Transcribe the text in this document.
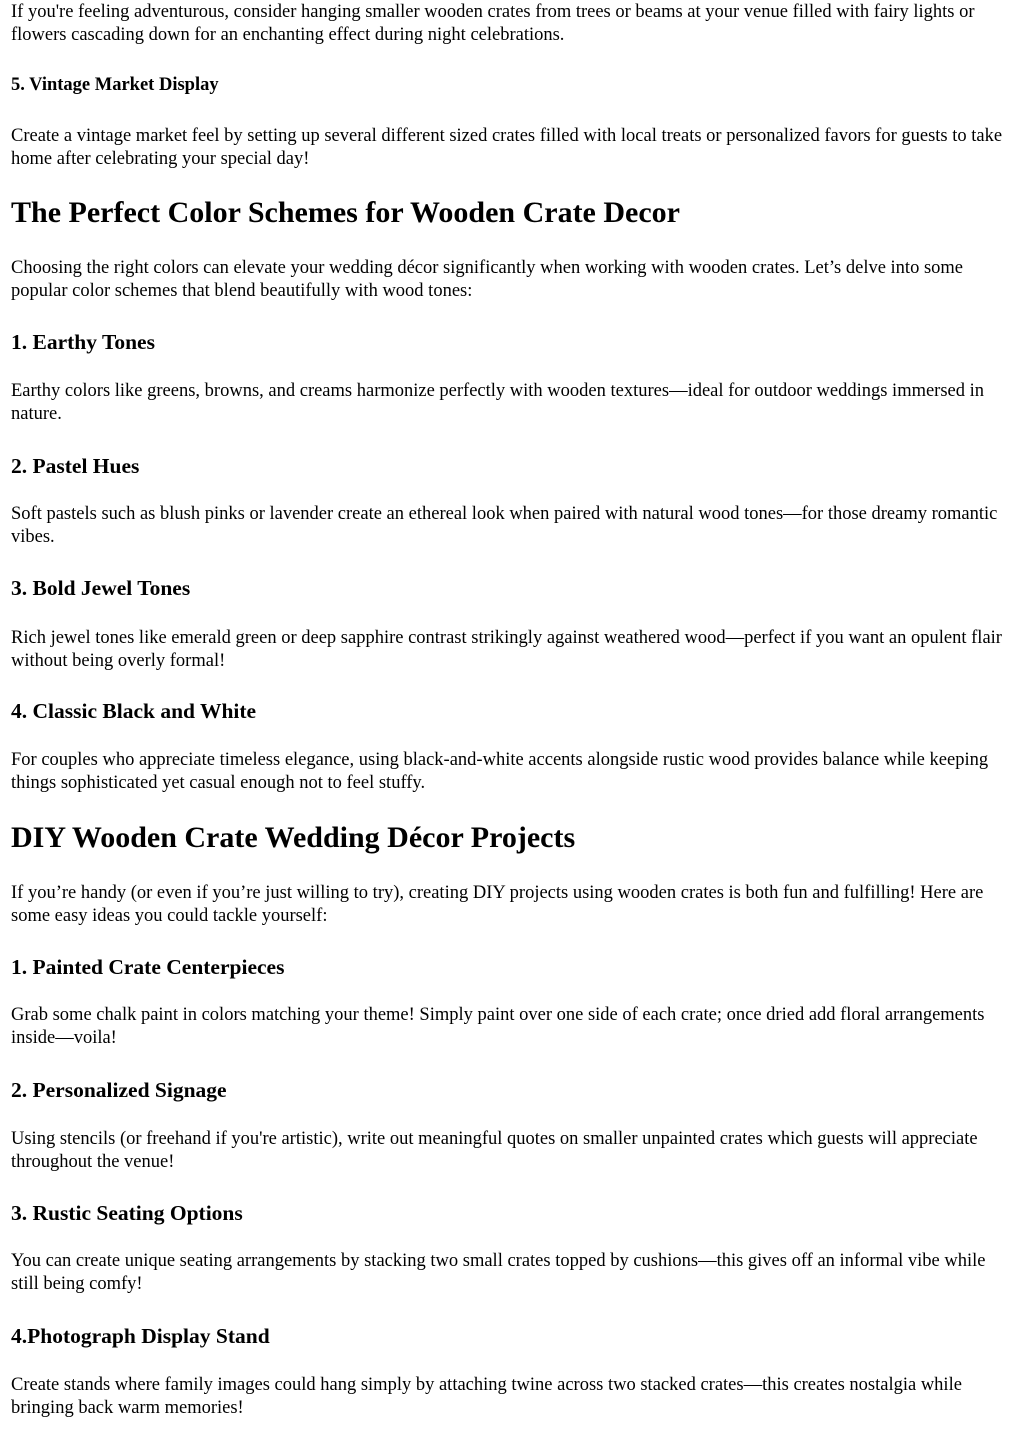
If you're feeling adventurous, consider hanging smaller wooden crates from trees or beams at your venue filled with fairy lights or flowers cascading down for an enchanting effect during night celebrations.

5. Vintage Market Display

Create a vintage market feel by setting up several different sized crates filled with local treats or personalized favors for guests to take home after celebrating your special day!

The Perfect Color Schemes for Wooden Crate Decor

Choosing the right colors can elevate your wedding décor significantly when working with wooden crates. Let’s delve into some popular color schemes that blend beautifully with wood tones:

1. Earthy Tones

Earthy colors like greens, browns, and creams harmonize perfectly with wooden textures—ideal for outdoor weddings immersed in nature.

2. Pastel Hues

Soft pastels such as blush pinks or lavender create an ethereal look when paired with natural wood tones—for those dreamy romantic vibes.

3. Bold Jewel Tones

Rich jewel tones like emerald green or deep sapphire contrast strikingly against weathered wood—perfect if you want an opulent flair without being overly formal!

4. Classic Black and White

For couples who appreciate timeless elegance, using black-and-white accents alongside rustic wood provides balance while keeping things sophisticated yet casual enough not to feel stuffy.

DIY Wooden Crate Wedding Décor Projects

If you’re handy (or even if you’re just willing to try), creating DIY projects using wooden crates is both fun and fulfilling! Here are some easy ideas you could tackle yourself:

1. Painted Crate Centerpieces

Grab some chalk paint in colors matching your theme! Simply paint over one side of each crate; once dried add floral arrangements inside—voila!

2. Personalized Signage

Using stencils (or freehand if you're artistic), write out meaningful quotes on smaller unpainted crates which guests will appreciate throughout the venue!

3. Rustic Seating Options

You can create unique seating arrangements by stacking two small crates topped by cushions—this gives off an informal vibe while still being comfy!

4.Photograph Display Stand

Create stands where family images could hang simply by attaching twine across two stacked crates—this creates nostalgia while bringing back warm memories!
